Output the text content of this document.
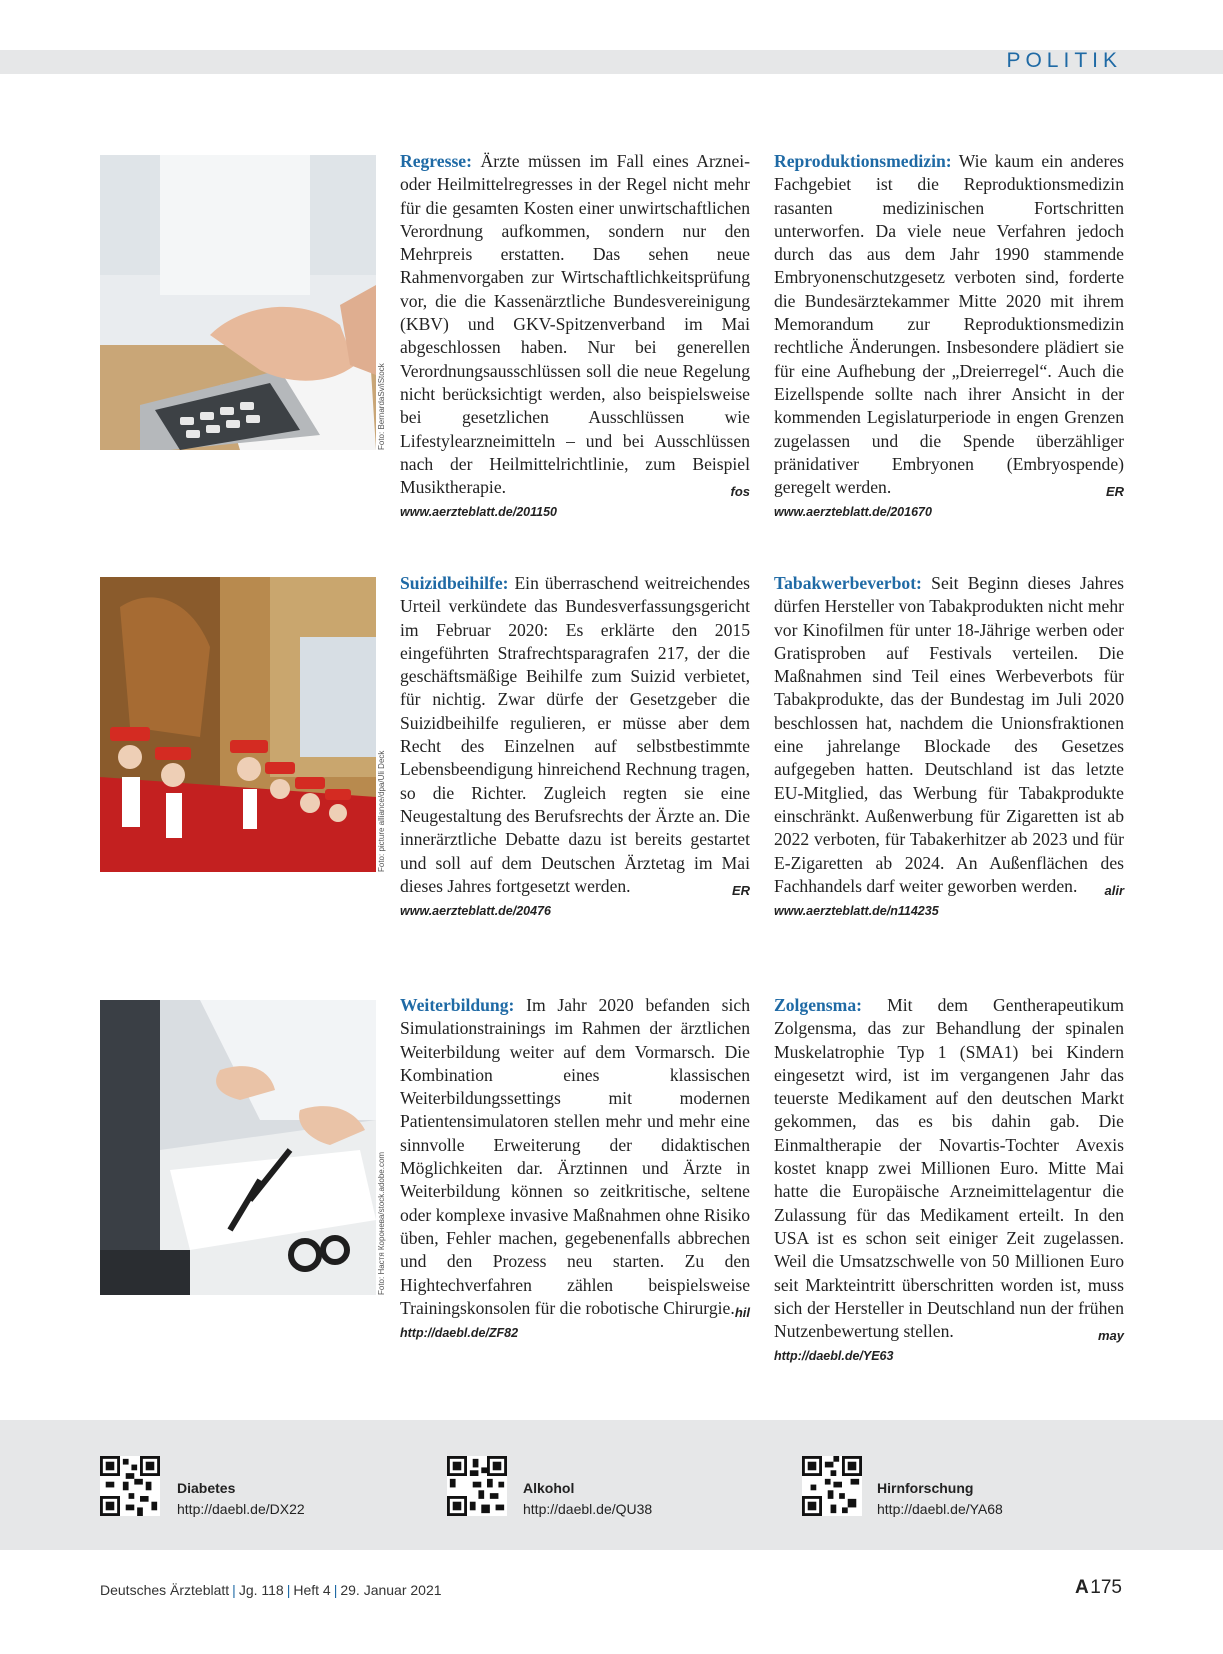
POLITIK
Foto: BernardaSv/iStock
Foto: picture alliance/dpa/Uli Deck
Foto: Настя Коронева/stock.adobe.com

Regresse: Ärzte müssen im Fall eines Arznei- oder Heilmittelregresses in der Regel nicht mehr für die gesamten Kosten einer unwirtschaftlichen Verordnung aufkommen, sondern nur den Mehrpreis erstatten. Das sehen neue Rahmenvorgaben zur Wirtschaftlichkeitsprüfung vor, die die Kassenärztliche Bundesvereinigung (KBV) und GKV-Spitzenverband im Mai abgeschlossen haben. Nur bei generellen Verordnungsausschlüssen soll die neue Regelung nicht berücksichtigt werden, also beispielsweise bei gesetzlichen Ausschlüssen wie Lifestylearzneimitteln – und bei Ausschlüssen nach der Heilmittelrichtlinie, zum Beispiel Musiktherapie.	fos

www.aerzteblatt.de/201150

Reproduktionsmedizin: Wie kaum ein anderes Fachgebiet ist die Reproduktionsmedizin rasanten medizinischen Fortschritten unterworfen. Da viele neue Verfahren jedoch durch das aus dem Jahr 1990 stammende Embryonenschutzgesetz verboten sind, forderte die Bundesärztekammer Mitte 2020 mit ihrem Memorandum zur Reproduktionsmedizin rechtliche Änderungen. Insbesondere plädiert sie für eine Aufhebung der „Dreierregel“. Auch die Eizellspende sollte nach ihrer Ansicht in der kommenden Legislaturperiode in engen Grenzen zugelassen und die Spende überzähliger pränidativer Embryonen (Embryospende) geregelt werden.	ER

www.aerzteblatt.de/201670

Suizidbeihilfe: Ein überraschend weitreichendes Urteil verkündete das Bundesverfassungsgericht im Februar 2020: Es erklärte den 2015 eingeführten Strafrechtsparagrafen 217, der die geschäftsmäßige Beihilfe zum Suizid verbietet, für nichtig. Zwar dürfe der Gesetzgeber die Suizidbeihilfe regulieren, er müsse aber dem Recht des Einzelnen auf selbstbestimmte Lebensbeendigung hinreichend Rechnung tragen, so die Richter. Zugleich regten sie eine Neugestaltung des Berufsrechts der Ärzte an. Die innerärztliche Debatte dazu ist bereits gestartet und soll auf dem Deutschen Ärztetag im Mai dieses Jahres fortgesetzt werden.	ER

www.aerzteblatt.de/20476

Tabakwerbeverbot: Seit Beginn dieses Jahres dürfen Hersteller von Tabakprodukten nicht mehr vor Kinofilmen für unter 18-Jährige werben oder Gratisproben auf Festivals verteilen. Die Maßnahmen sind Teil eines Werbeverbots für Tabakprodukte, das der Bundestag im Juli 2020 beschlossen hat, nachdem die Unionsfraktionen eine jahrelange Blockade des Gesetzes aufgegeben hatten. Deutschland ist das letzte EU-Mitglied, das Werbung für Tabakprodukte einschränkt. Außenwerbung für Zigaretten ist ab 2022 verboten, für Tabakerhitzer ab 2023 und für E-Zigaretten ab 2024. An Außenflächen des Fachhandels darf weiter geworben werden. alir

www.aerzteblatt.de/n114235

Weiterbildung: Im Jahr 2020 befanden sich Simulationstrainings im Rahmen der ärztlichen Weiterbildung weiter auf dem Vormarsch. Die Kombination eines klassischen Weiterbildungssettings mit modernen Patientensimulatoren stellen mehr und mehr eine sinnvolle Erweiterung der didaktischen Möglichkeiten dar. Ärztinnen und Ärzte in Weiterbildung können so zeitkritische, seltene oder komplexe invasive Maßnahmen ohne Risiko üben, Fehler machen, gegebenenfalls abbrechen und den Prozess neu starten. Zu den Hightechverfahren zählen beispielsweise Trainingskonsolen für die robotische Chirurgie. hil

http://daebl.de/ZF82

Zolgensma: Mit dem Gentherapeutikum Zolgensma, das zur Behandlung der spinalen Muskelatrophie Typ 1 (SMA1) bei Kindern eingesetzt wird, ist im vergangenen Jahr das teuerste Medikament auf den deutschen Markt gekommen, das es bis dahin gab. Die Einmaltherapie der Novartis-Tochter Avexis kostet knapp zwei Millionen Euro. Mitte Mai hatte die Europäische Arzneimittelagentur die Zulassung für das Medikament erteilt. In den USA ist es schon seit einiger Zeit zugelassen. Weil die Umsatzschwelle von 50 Millionen Euro seit Markteintritt überschritten worden ist, muss sich der Hersteller in Deutschland nun der frühen Nutzenbewertung stellen.	may

http://daebl.de/YE63
Diabetes
http://daebl.de/DX22
Alkohol
http://daebl.de/QU38
Hirnforschung
http://daebl.de/YA68
Deutsches Ärzteblatt | Jg. 118 | Heft 4 | 29. Januar 2021	A 175
